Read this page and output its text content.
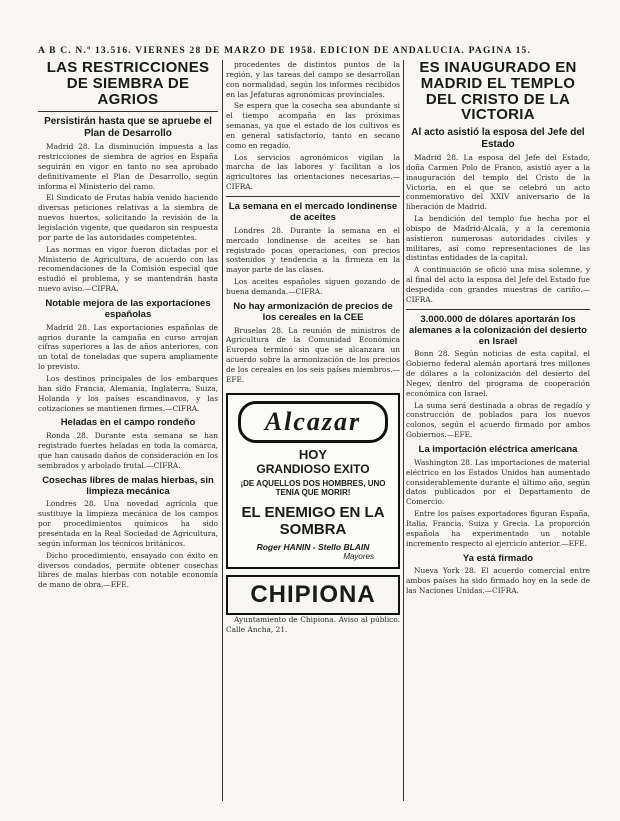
A B C. N.º 13.516. VIERNES 28 DE MARZO DE 1958. EDICION DE ANDALUCIA. PAGINA 15.
LAS RESTRICCIONES DE SIEMBRA DE AGRIOS
Persistirán hasta que se apruebe el Plan de Desarrollo

Madrid 28. La disminución impuesta a las restricciones de siembra de agrios en España seguirán en vigor en tanto no sea aprobado definitivamente el Plan de Desarrollo, según informa el Ministerio del ramo.

El Sindicato de Frutas había venido haciendo diversas peticiones relativas a la siembra de nuevos huertos, solicitando la revisión de la legislación vigente, que quedaron sin respuesta por parte de las autoridades competentes.

Las normas en vigor fueron dictadas por el Ministerio de Agricultura, de acuerdo con las recomendaciones de la Comisión especial que estudió el problema, y se mantendrán hasta nuevo aviso.—CIFRA.

Notable mejora de las exportaciones españolas

Madrid 28. Las exportaciones españolas de agrios durante la campaña en curso arrojan cifras superiores a las de años anteriores, con un total de toneladas que supera ampliamente lo previsto.

Los destinos principales de los embarques han sido Francia, Alemania, Inglaterra, Suiza, Holanda y los países escandinavos, y las cotizaciones se mantienen firmes.—CIFRA.

Heladas en el campo rondeño

Ronda 28. Durante esta semana se han registrado fuertes heladas en toda la comarca, que han causado daños de consideración en los sembrados y arbolado frutal.—CIFRA.

Cosechas libres de malas hierbas, sin limpieza mecánica

Londres 28. Una novedad agrícola que sustituye la limpieza mecánica de los campos por procedimientos químicos ha sido presentada en la Real Sociedad de Agricultura, según informan los técnicos británicos.

Dicho procedimiento, ensayado con éxito en diversos condados, permite obtener cosechas libres de malas hierbas con notable economía de mano de obra.—EFE.

procedentes de distintos puntos de la región, y las tareas del campo se desarrollan con normalidad, según los informes recibidos en las Jefaturas agronómicas provinciales.

Se espera que la cosecha sea abundante si el tiempo acompaña en las próximas semanas, ya que el estado de los cultivos es en general satisfactorio, tanto en secano como en regadío.

Los servicios agronómicos vigilan la marcha de las labores y facilitan a los agricultores las orientaciones necesarias.—CIFRA.

La semana en el mercado londinense de aceites

Londres 28. Durante la semana en el mercado londinense de aceites se han registrado pocas operaciones, con precios sostenidos y tendencia a la firmeza en la mayor parte de las clases.

Los aceites españoles siguen gozando de buena demanda.—CIFRA.

No hay armonización de precios de los cereales en la CEE

Bruselas 28. La reunión de ministros de Agricultura de la Comunidad Económica Europea terminó sin que se alcanzara un acuerdo sobre la armonización de los precios de los cereales en los seis países miembros.—EFE.

Alcazar
HOY
GRANDIOSO EXITO
¡DE AQUELLOS DOS HOMBRES, UNO TENIA QUE MORIR!
EL ENEMIGO EN LA SOMBRA
Roger HANIN - Stello BLAIN
Mayores
CHIPIONA

Ayuntamiento de Chipiona. Aviso al público. Calle Ancha, 21.

ES INAUGURADO EN MADRID EL TEMPLO DEL CRISTO DE LA VICTORIA
Al acto asistió la esposa del Jefe del Estado

Madrid 28. La esposa del Jefe del Estado, doña Carmen Polo de Franco, asistió ayer a la inauguración del templo del Cristo de la Victoria, en el que se celebró un acto conmemorativo del XXIV aniversario de la liberación de Madrid.

La bendición del templo fue hecha por el obispo de Madrid-Alcalá, y a la ceremonia asistieron numerosas autoridades civiles y militares, así como representaciones de las distintas entidades de la capital.

A continuación se ofició una misa solemne, y al final del acto la esposa del Jefe del Estado fue despedida con grandes muestras de cariño.—CIFRA.

3.000.000 de dólares aportarán los alemanes a la colonización del desierto en Israel

Bonn 28. Según noticias de esta capital, el Gobierno federal alemán aportará tres millones de dólares a la colonización del desierto del Negev, dentro del programa de cooperación económica con Israel.

La suma será destinada a obras de regadío y construcción de poblados para los nuevos colonos, según el acuerdo firmado por ambos Gobiernos.—EFE.

La importación eléctrica americana

Washington 28. Las importaciones de material eléctrico en los Estados Unidos han aumentado considerablemente durante el último año, según datos publicados por el Departamento de Comercio.

Entre los países exportadores figuran España, Italia, Francia, Suiza y Grecia. La proporción española ha experimentado un notable incremento respecto al ejercicio anterior.—EFE.

Ya está firmado

Nueva York 28. El acuerdo comercial entre ambos países ha sido firmado hoy en la sede de las Naciones Unidas.—CIFRA.
